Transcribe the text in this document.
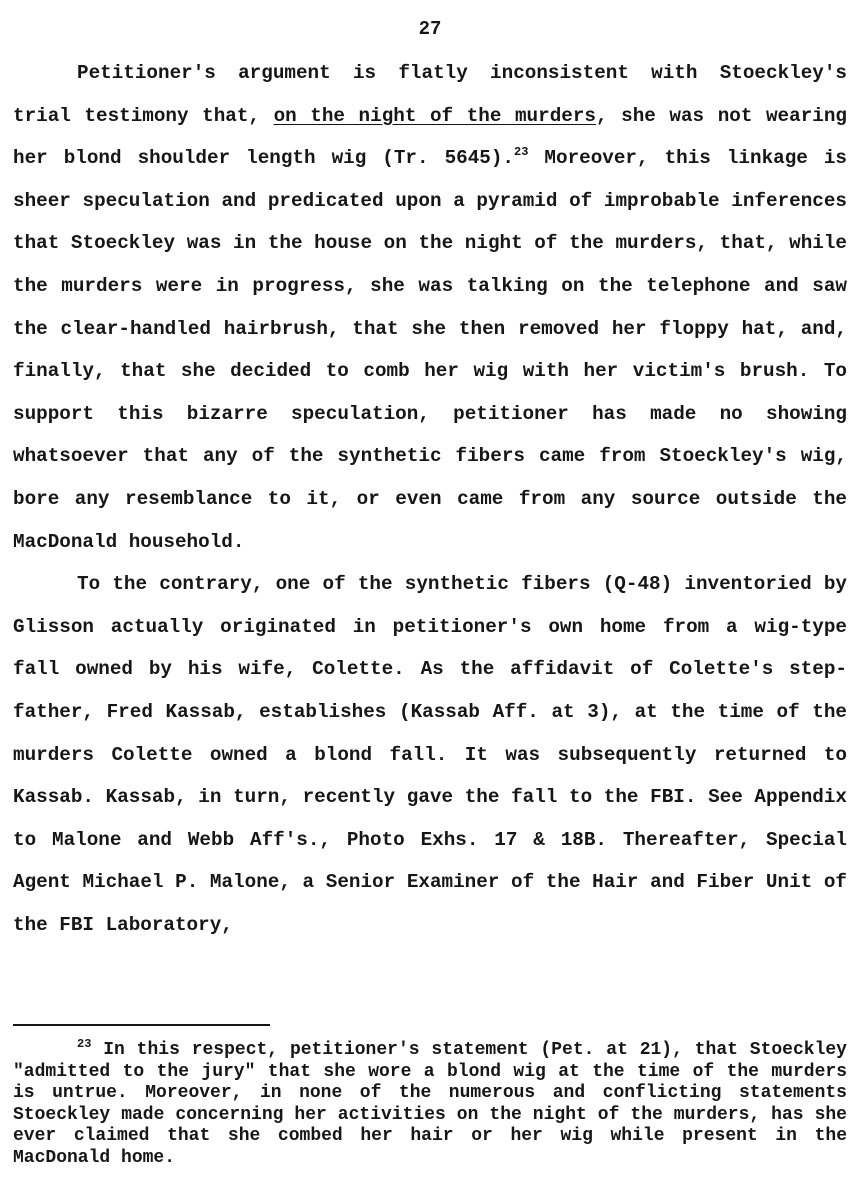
27

Petitioner's argument is flatly inconsistent with Stoeckley's trial testimony that, on the night of the murders, she was not wearing her blond shoulder length wig (Tr. 5645).$^{23}$ Moreover, this linkage is sheer speculation and predicated upon a pyramid of improbable inferences that Stoeckley was in the house on the night of the murders, that, while the murders were in progress, she was talking on the telephone and saw the clear-handled hairbrush, that she then removed her floppy hat, and, finally, that she decided to comb her wig with her victim's brush. To support this bizarre speculation, petitioner has made no showing whatsoever that any of the synthetic fibers came from Stoeckley's wig, bore any resemblance to it, or even came from any source outside the MacDonald household.

To the contrary, one of the synthetic fibers (Q-48) inventoried by Glisson actually originated in petitioner's own home from a wig-type fall owned by his wife, Colette. As the affidavit of Colette's step-father, Fred Kassab, establishes (Kassab Aff. at 3), at the time of the murders Colette owned a blond fall. It was subsequently returned to Kassab. Kassab, in turn, recently gave the fall to the FBI. See Appendix to Malone and Webb Aff's., Photo Exhs. 17 & 18B. Thereafter, Special Agent Michael P. Malone, a Senior Examiner of the Hair and Fiber Unit of the FBI Laboratory,

$^{23}$ In this respect, petitioner's statement (Pet. at 21), that Stoeckley "admitted to the jury" that she wore a blond wig at the time of the murders is untrue. Moreover, in none of the numerous and conflicting statements Stoeckley made concerning her activities on the night of the murders, has she ever claimed that she combed her hair or her wig while present in the MacDonald home.
